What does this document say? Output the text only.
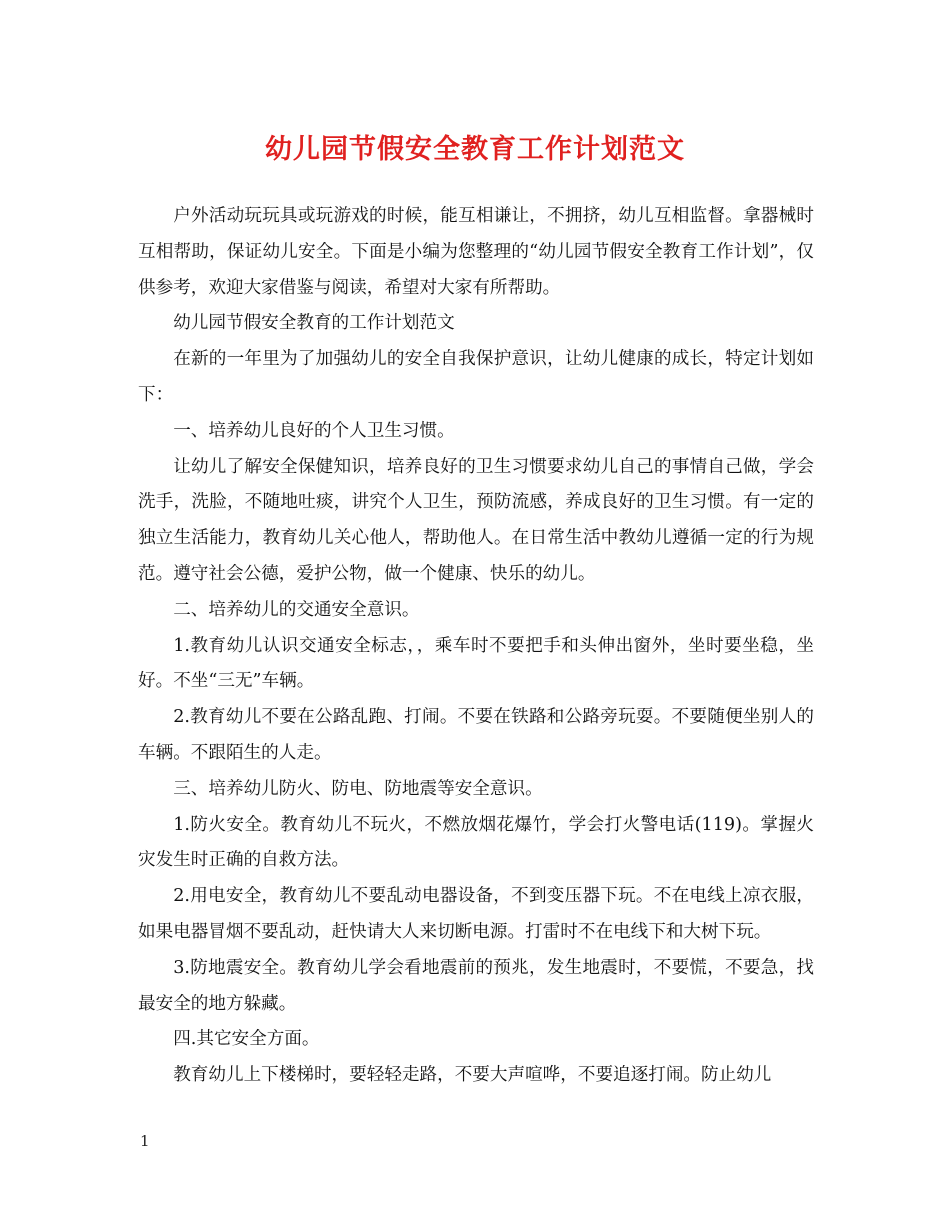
幼儿园节假安全教育工作计划范文

户外活动玩玩具或玩游戏的时候，能互相谦让，不拥挤，幼儿互相监督。拿器械时互相帮助，保证幼儿安全。下面是小编为您整理的“幼儿园节假安全教育工作计划”，仅供参考，欢迎大家借鉴与阅读，希望对大家有所帮助。

幼儿园节假安全教育的工作计划范文

在新的一年里为了加强幼儿的安全自我保护意识，让幼儿健康的成长，特定计划如下：

一、培养幼儿良好的个人卫生习惯。

让幼儿了解安全保健知识，培养良好的卫生习惯要求幼儿自己的事情自己做，学会洗手，洗脸，不随地吐痰，讲究个人卫生，预防流感，养成良好的卫生习惯。有一定的独立生活能力，教育幼儿关心他人，帮助他人。在日常生活中教幼儿遵循一定的行为规范。遵守社会公德，爱护公物，做一个健康、快乐的幼儿。

二、培养幼儿的交通安全意识。

1.教育幼儿认识交通安全标志，，乘车时不要把手和头伸出窗外，坐时要坐稳，坐好。不坐“三无”车辆。

2.教育幼儿不要在公路乱跑、打闹。不要在铁路和公路旁玩耍。不要随便坐别人的车辆。不跟陌生的人走。

三、培养幼儿防火、防电、防地震等安全意识。

1.防火安全。教育幼儿不玩火，不燃放烟花爆竹，学会打火警电话(119)。掌握火灾发生时正确的自救方法。

2.用电安全，教育幼儿不要乱动电器设备，不到变压器下玩。不在电线上凉衣服，如果电器冒烟不要乱动，赶快请大人来切断电源。打雷时不在电线下和大树下玩。

3.防地震安全。教育幼儿学会看地震前的预兆，发生地震时，不要慌，不要急，找最安全的地方躲藏。

四.其它安全方面。

教育幼儿上下楼梯时，要轻轻走路，不要大声喧哗，不要追逐打闹。防止幼儿

1
